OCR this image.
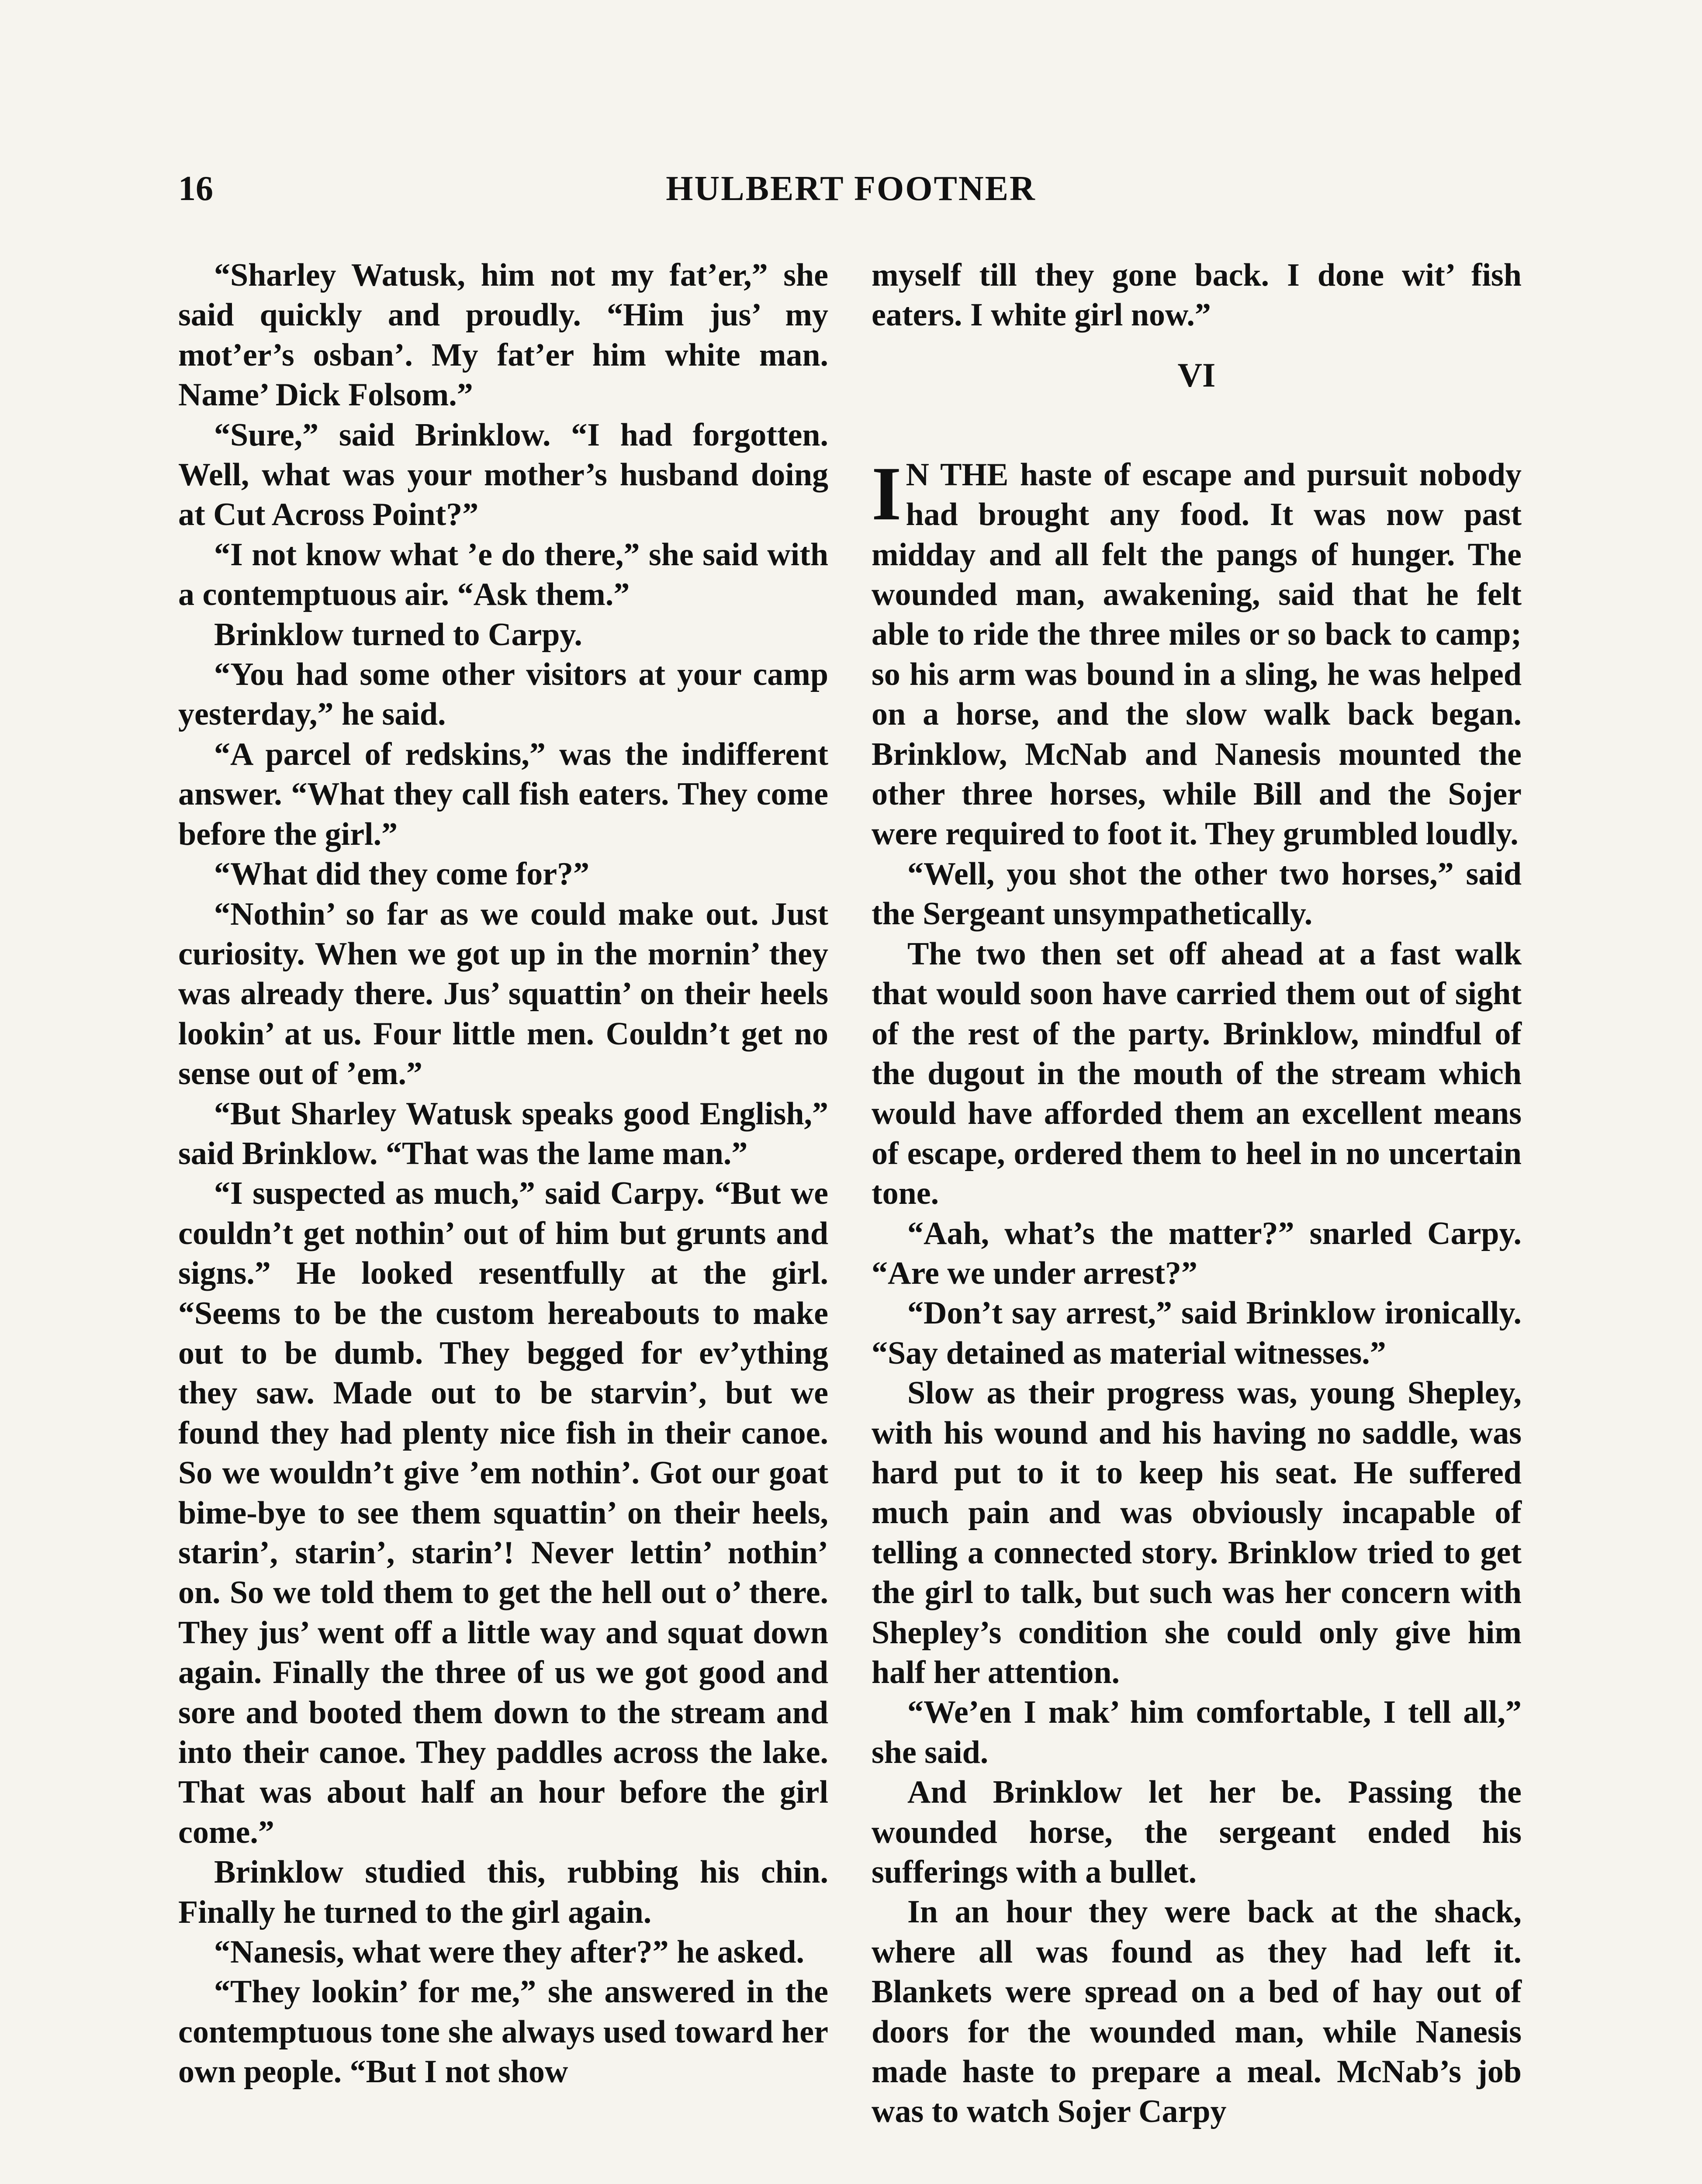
16	HULBERT FOOTNER

“Sharley Watusk, him not my fat’er,” she said quickly and proudly. “Him jus’ my mot’er’s osban’. My fat’er him white man. Name’ Dick Folsom.”

“Sure,” said Brinklow. “I had forgotten. Well, what was your mother’s husband doing at Cut Across Point?”

“I not know what ’e do there,” she said with a contemptuous air. “Ask them.”

Brinklow turned to Carpy.

“You had some other visitors at your camp yesterday,” he said.

“A parcel of redskins,” was the indifferent answer. “What they call fish eaters. They come before the girl.”

“What did they come for?”

“Nothin’ so far as we could make out. Just curiosity. When we got up in the mornin’ they was already there. Jus’ squattin’ on their heels lookin’ at us. Four little men. Couldn’t get no sense out of ’em.”

“But Sharley Watusk speaks good English,” said Brinklow. “That was the lame man.”

“I suspected as much,” said Carpy. “But we couldn’t get nothin’ out of him but grunts and signs.” He looked resentfully at the girl. “Seems to be the custom hereabouts to make out to be dumb. They begged for ev’ything they saw. Made out to be starvin’, but we found they had plenty nice fish in their canoe. So we wouldn’t give ’em nothin’. Got our goat bime-bye to see them squattin’ on their heels, starin’, starin’, starin’! Never lettin’ nothin’ on. So we told them to get the hell out o’ there. They jus’ went off a little way and squat down again. Finally the three of us we got good and sore and booted them down to the stream and into their canoe. They paddles across the lake. That was about half an hour before the girl come.”

Brinklow studied this, rubbing his chin. Finally he turned to the girl again.

“Nanesis, what were they after?” he asked.

“They lookin’ for me,” she answered in the contemptuous tone she always used toward her own people. “But I not show

myself till they gone back. I done wit’ fish eaters. I white girl now.”

VI

I N THE haste of escape and pursuit nobody had brought any food. It was now past midday and all felt the pangs of hunger. The wounded man, awakening, said that he felt able to ride the three miles or so back to camp; so his arm was bound in a sling, he was helped on a horse, and the slow walk back began. Brinklow, McNab and Nanesis mounted the other three horses, while Bill and the Sojer were required to foot it. They grumbled loudly.

“Well, you shot the other two horses,” said the Sergeant unsympathetically.

The two then set off ahead at a fast walk that would soon have carried them out of sight of the rest of the party. Brinklow, mindful of the dugout in the mouth of the stream which would have afforded them an excellent means of escape, ordered them to heel in no uncertain tone.

“Aah, what’s the matter?” snarled Carpy. “Are we under arrest?”

“Don’t say arrest,” said Brinklow ironically. “Say detained as material witnesses.”

Slow as their progress was, young Shepley, with his wound and his having no saddle, was hard put to it to keep his seat. He suffered much pain and was obviously incapable of telling a connected story. Brinklow tried to get the girl to talk, but such was her concern with Shepley’s condition she could only give him half her attention.

“We’en I mak’ him comfortable, I tell all,” she said.

And Brinklow let her be. Passing the wounded horse, the sergeant ended his sufferings with a bullet.

In an hour they were back at the shack, where all was found as they had left it. Blankets were spread on a bed of hay out of doors for the wounded man, while Nanesis made haste to prepare a meal. McNab’s job was to watch Sojer Carpy
